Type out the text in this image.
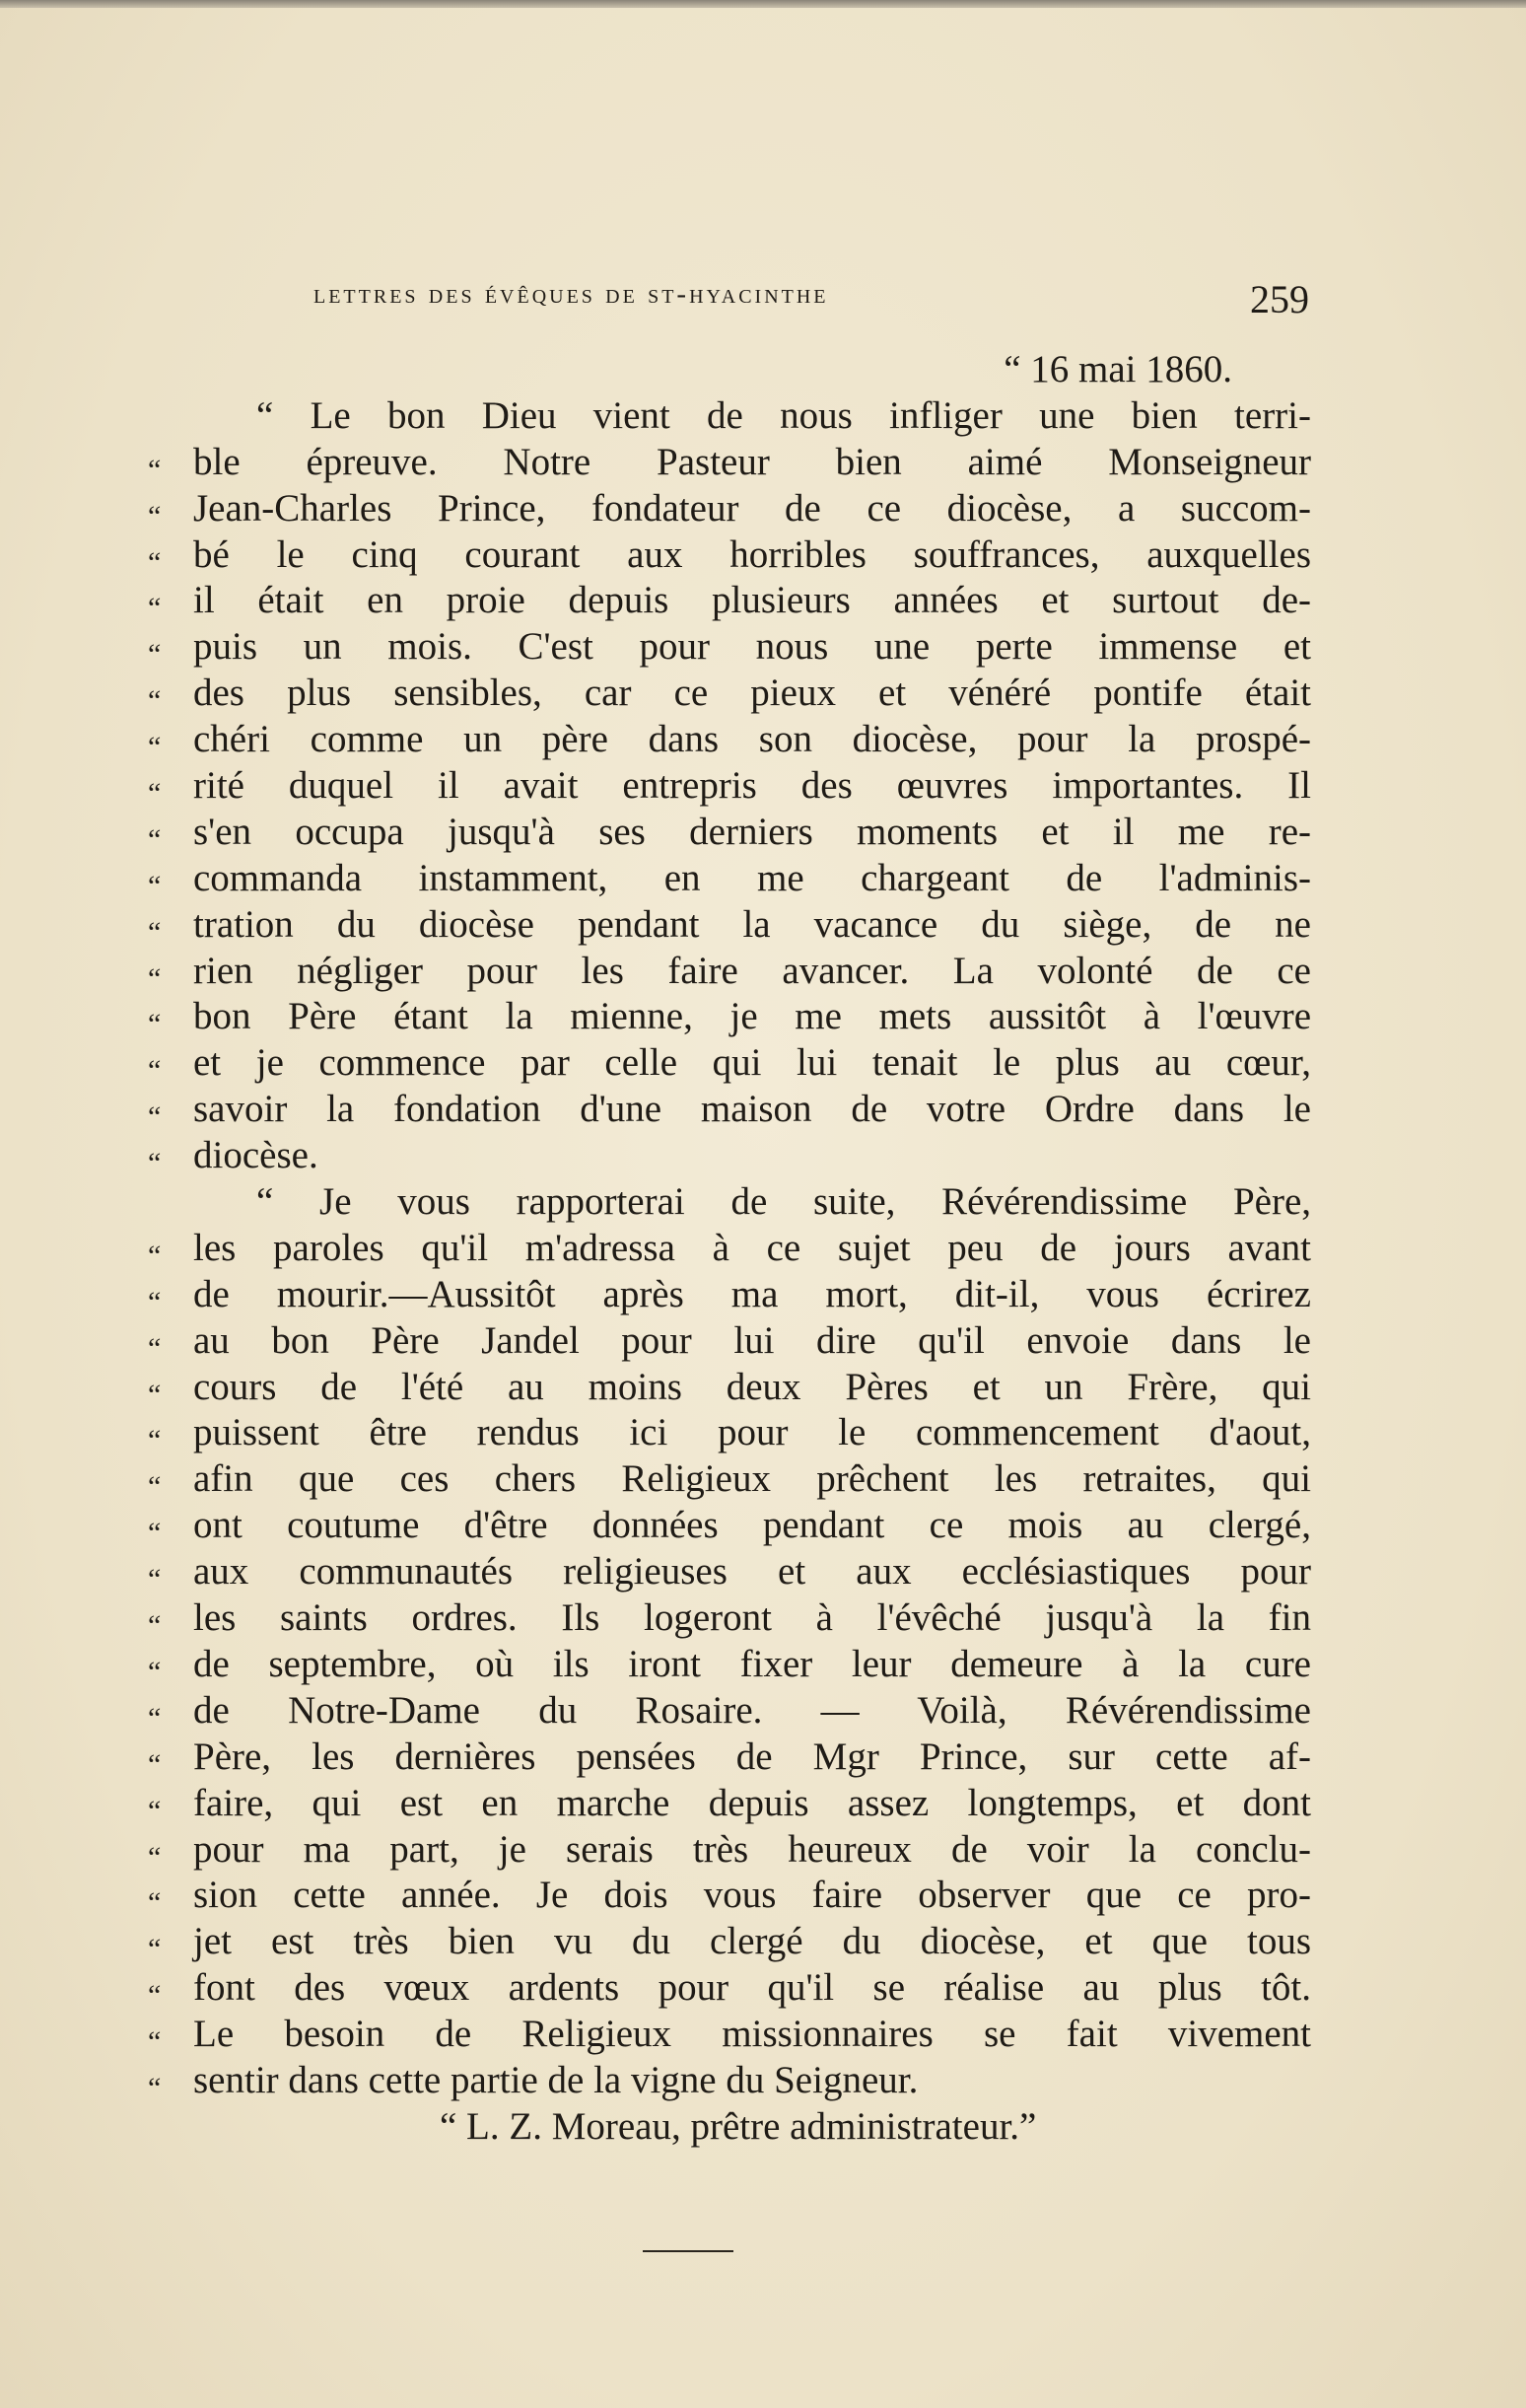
lettres des évêques de st-hyacinthe	259
“ 16 mai 1860.
“ Le bon Dieu vient de nous infliger une bien terri-
“ ble épreuve. Notre Pasteur bien aimé Monseigneur
“ Jean-Charles Prince, fondateur de ce diocèse, a succom-
“ bé le cinq courant aux horribles souffrances, auxquelles
“ il était en proie depuis plusieurs années et surtout de-
“ puis un mois. C'est pour nous une perte immense et
“ des plus sensibles, car ce pieux et vénéré pontife était
“ chéri comme un père dans son diocèse, pour la prospé-
“ rité duquel il avait entrepris des œuvres importantes. Il
“ s'en occupa jusqu'à ses derniers moments et il me re-
“ commanda instamment, en me chargeant de l'adminis-
“ tration du diocèse pendant la vacance du siège, de ne
“ rien négliger pour les faire avancer. La volonté de ce
“ bon Père étant la mienne, je me mets aussitôt à l'œuvre
“ et je commence par celle qui lui tenait le plus au cœur,
“ savoir la fondation d'une maison de votre Ordre dans le
“ diocèse.
“ Je vous rapporterai de suite, Révérendissime Père,
“ les paroles qu'il m'adressa à ce sujet peu de jours avant
“ de mourir.—Aussitôt après ma mort, dit-il, vous écrirez
“ au bon Père Jandel pour lui dire qu'il envoie dans le
“ cours de l'été au moins deux Pères et un Frère, qui
“ puissent être rendus ici pour le commencement d'aout,
“ afin que ces chers Religieux prêchent les retraites, qui
“ ont coutume d'être données pendant ce mois au clergé,
“ aux communautés religieuses et aux ecclésiastiques pour
“ les saints ordres. Ils logeront à l'évêché jusqu'à la fin
“ de septembre, où ils iront fixer leur demeure à la cure
“ de Notre-Dame du Rosaire. — Voilà, Révérendissime
“ Père, les dernières pensées de Mgr Prince, sur cette af-
“ faire, qui est en marche depuis assez longtemps, et dont
“ pour ma part, je serais très heureux de voir la conclu-
“ sion cette année. Je dois vous faire observer que ce pro-
“ jet est très bien vu du clergé du diocèse, et que tous
“ font des vœux ardents pour qu'il se réalise au plus tôt.
“ Le besoin de Religieux missionnaires se fait vivement
“ sentir dans cette partie de la vigne du Seigneur.
“ L. Z. Moreau, prêtre administrateur.”
